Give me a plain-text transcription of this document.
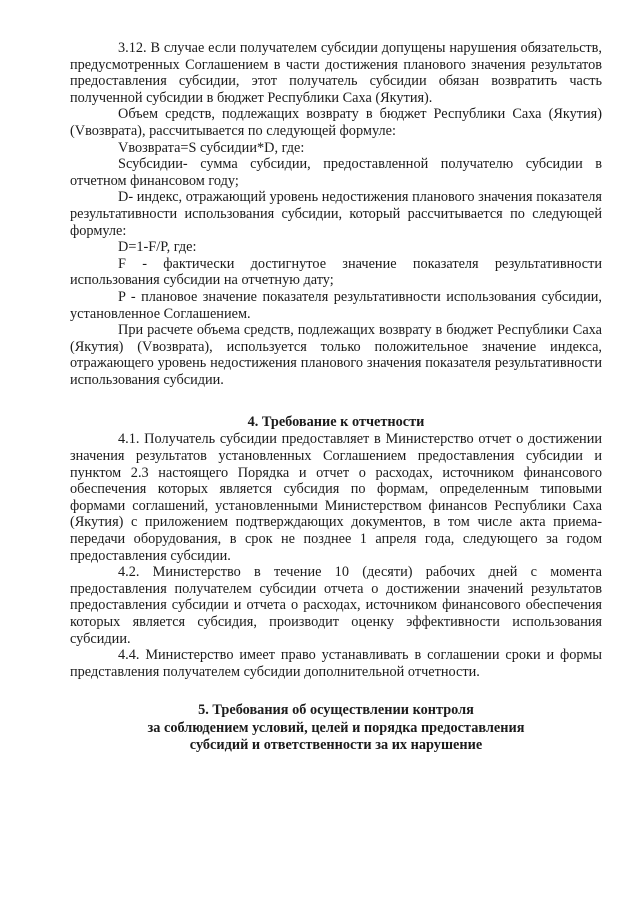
3.12. В случае если получателем субсидии допущены нарушения обязательств, предусмотренных Соглашением в части достижения планового значения результатов предоставления субсидии, этот получатель субсидии обязан возвратить часть полученной субсидии в бюджет Республики Саха (Якутия).

Объем средств, подлежащих возврату в бюджет Республики Саха (Якутия) (Vвозврата), рассчитывается по следующей формуле:

Vвозврата=S субсидии*D, где:

Sсубсидии- сумма субсидии, предоставленной получателю субсидии в отчетном финансовом году;

D- индекс, отражающий уровень недостижения планового значения показателя результативности использования субсидии, который рассчитывается по следующей формуле:

D=1-F/P, где:

F - фактически достигнутое значение показателя результативности использования субсидии на отчетную дату;

P - плановое значение показателя результативности использования субсидии, установленное Соглашением.

При расчете объема средств, подлежащих возврату в бюджет Республики Саха (Якутия) (Vвозврата), используется только положительное значение индекса, отражающего уровень недостижения планового значения показателя результативности использования субсидии.

4. Требование к отчетности

4.1. Получатель субсидии предоставляет в Министерство отчет о достижении значения результатов установленных Соглашением предоставления субсидии и пунктом 2.3 настоящего Порядка и отчет о расходах, источником финансового обеспечения которых является субсидия по формам, определенным типовыми формами соглашений, установленными Министерством финансов Республики Саха (Якутия) с приложением подтверждающих документов, в том числе акта приема-передачи оборудования, в срок не позднее 1 апреля года, следующего за годом предоставления субсидии.

4.2. Министерство в течение 10 (десяти) рабочих дней с момента предоставления получателем субсидии отчета о достижении значений результатов предоставления субсидии и отчета о расходах, источником финансового обеспечения которых является субсидия, производит оценку эффективности использования субсидии.

4.4. Министерство имеет право устанавливать в соглашении сроки и формы представления получателем субсидии дополнительной отчетности.

5. Требования об осуществлении контроля
за соблюдением условий, целей и порядка предоставления
субсидий и ответственности за их нарушение
